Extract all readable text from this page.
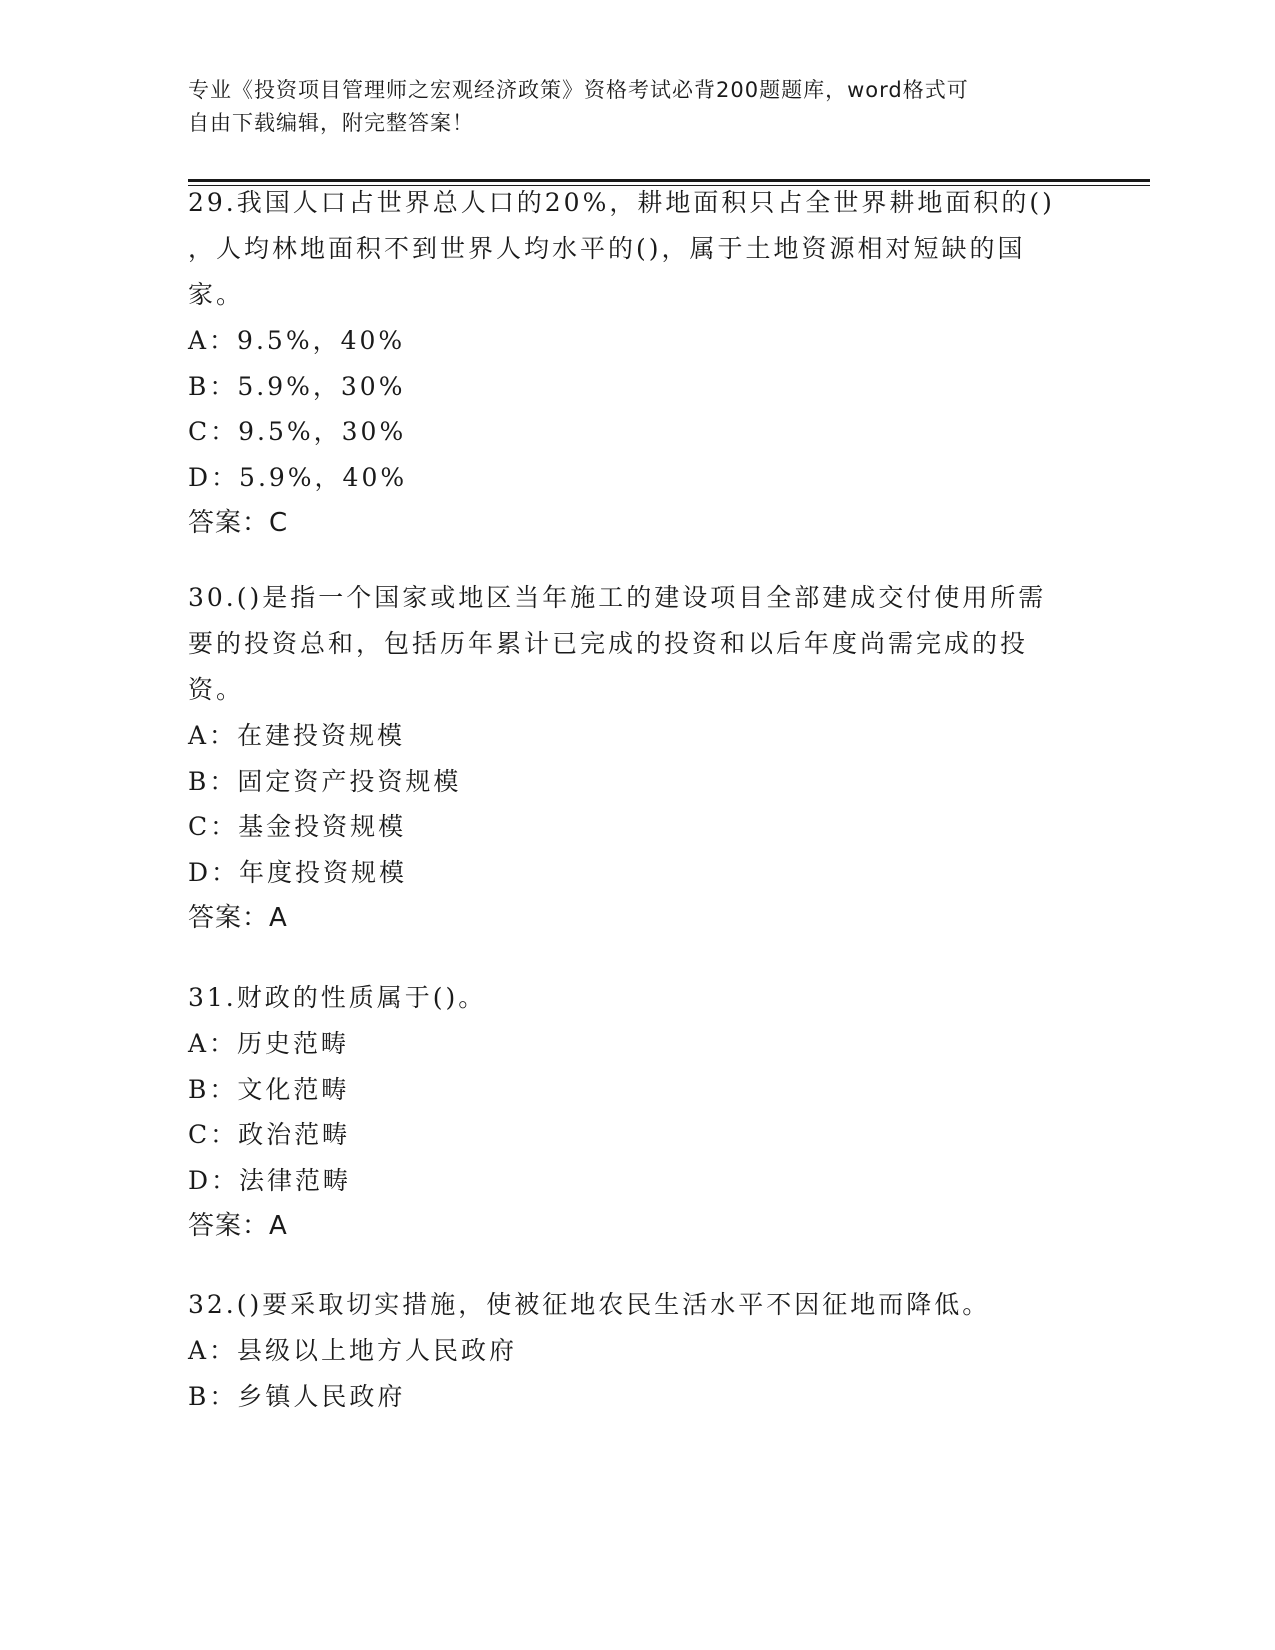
专业《投资项目管理师之宏观经济政策》资格考试必背200题题库，word格式可
自由下载编辑，附完整答案！

29.我国人口占世界总人口的20%，耕地面积只占全世界耕地面积的()
，人均林地面积不到世界人均水平的()，属于土地资源相对短缺的国
家。

A：9.5%，40%

B：5.9%，30%

C：9.5%，30%

D：5.9%，40%

答案：C

30.()是指一个国家或地区当年施工的建设项目全部建成交付使用所需
要的投资总和，包括历年累计已完成的投资和以后年度尚需完成的投
资。

A：在建投资规模

B：固定资产投资规模

C：基金投资规模

D：年度投资规模

答案：A

31.财政的性质属于()。

A：历史范畴

B：文化范畴

C：政治范畴

D：法律范畴

答案：A

32.()要采取切实措施，使被征地农民生活水平不因征地而降低。

A：县级以上地方人民政府

B：乡镇人民政府
